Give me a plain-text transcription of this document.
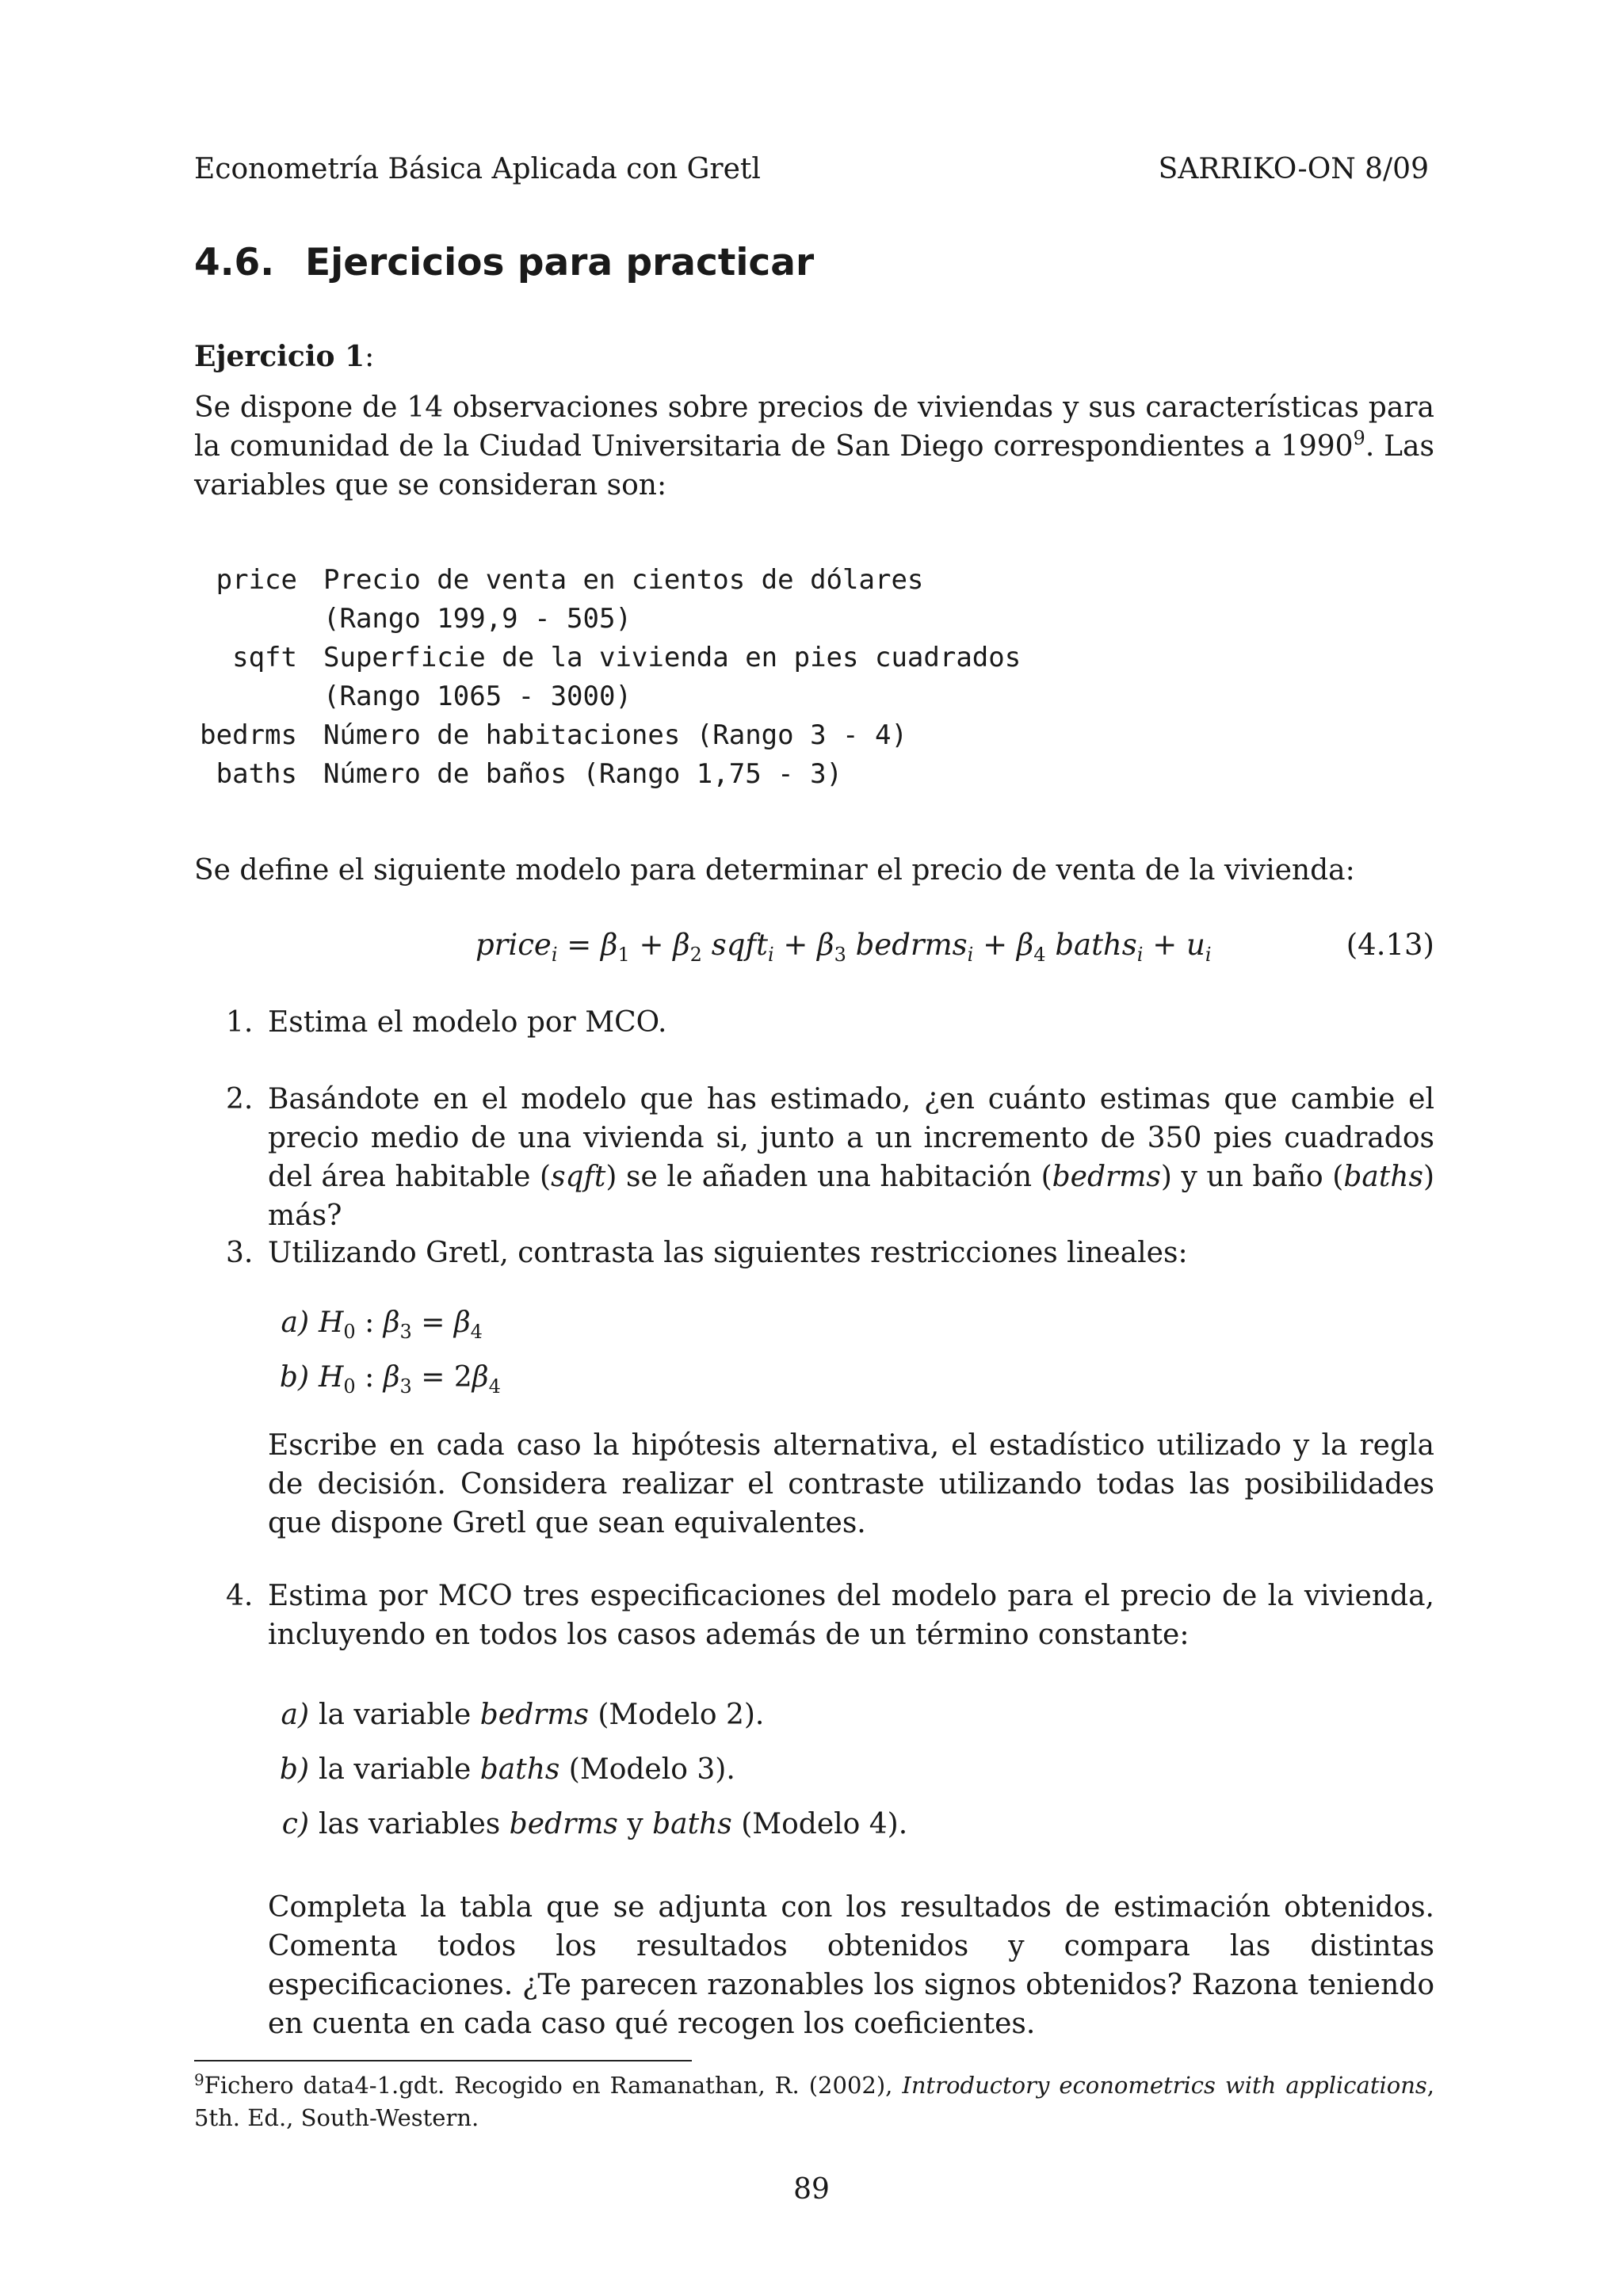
Econometría Básica Aplicada con Gretl	SARRIKO-ON 8/09
4.6. Ejercicios para practicar
Ejercicio 1:
Se dispone de 14 observaciones sobre precios de viviendas y sus características para la comunidad de la Ciudad Universitaria de San Diego correspondientes a 1990$^9$. Las variables que se consideran son:
price Precio de venta en cientos de dólares
(Rango 199,9 - 505)
sqft Superficie de la vivienda en pies cuadrados
(Rango 1065 - 3000)
bedrms Número de habitaciones (Rango 3 - 4)
baths Número de baños (Rango 1,75 - 3)
Se define el siguiente modelo para determinar el precio de venta de la vivienda:
price$_i$ = $\beta_1 + \beta_2$ sqft$_i$ + $\beta_3$ bedrms$_i$ + $\beta_4$ baths$_i$ + $u_i$	(4.13)
1. Estima el modelo por MCO.
2. Basándote en el modelo que has estimado, ¿en cuánto estimas que cambie el precio medio de una vivienda si, junto a un incremento de 350 pies cuadrados del área habitable (sqft) se le añaden una habitación (bedrms) y un baño (baths) más?
3. Utilizando Gretl, contrasta las siguientes restricciones lineales:
a) $H_0$ : $\beta_3 = \beta_4$
b) $H_0$ : $\beta_3 = 2\beta_4$
Escribe en cada caso la hipótesis alternativa, el estadístico utilizado y la regla de decisión. Considera realizar el contraste utilizando todas las posibilidades que dispone Gretl que sean equivalentes.
4. Estima por MCO tres especificaciones del modelo para el precio de la vivienda, incluyendo en todos los casos además de un término constante:
a) la variable bedrms (Modelo 2).
b) la variable baths (Modelo 3).
c) las variables bedrms y baths (Modelo 4).
Completa la tabla que se adjunta con los resultados de estimación obtenidos. Comenta todos los resultados obtenidos y compara las distintas especificaciones. ¿Te parecen razonables los signos obtenidos? Razona teniendo en cuenta en cada caso qué recogen los coeficientes.
$^9$Fichero data4-1.gdt. Recogido en Ramanathan, R. (2002), Introductory econometrics with applications, 5th. Ed., South-Western.
89
